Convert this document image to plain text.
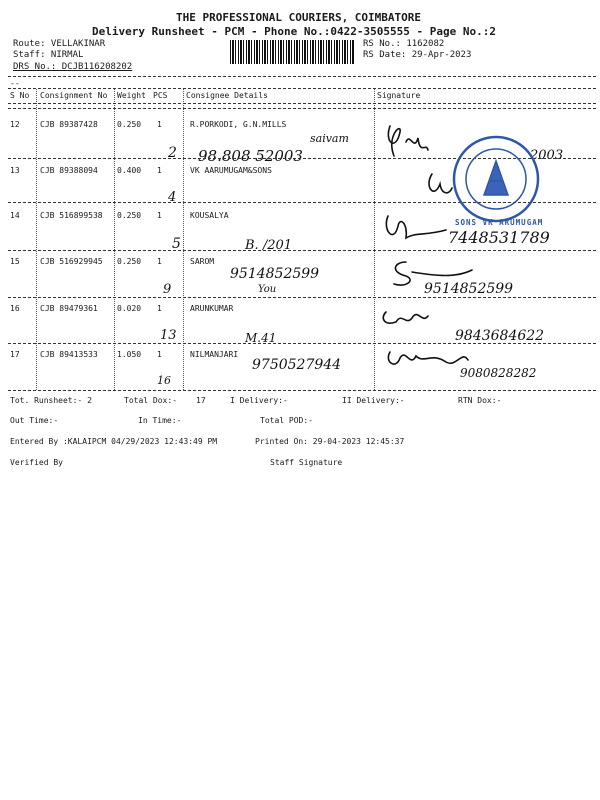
THE PROFESSIONAL COURIERS, COIMBATORE
Delivery Runsheet - PCM - Phone No.:0422-3505555 - Page No.:2
Route: VELLAKINAR
Staff: NIRMAL
DRS No.: DCJB116208202
RS No.: 1162082
RS Date: 29-Apr-2023
--
S No Consignment No Weight PCS Consignee Details	Signature
12	CJB 89387428 0.250 1	R.PORKODI, G.N.MILLS
saivam
2 98.808 52003	2003
13	CJB 89388094 0.400 1	VK AARUMUGAM&SONS
4
14	CJB 516899538 0.250 1	KOUSALYA
5	B. /201	7448531789
15	CJB 516929945 0.250 1	SAROM
9514852599
9	You	9514852599
16	CJB 89479361 0.020 1	ARUNKUMAR
13	M.41	9843684622
17	CJB 89413533 1.050 1	NILMANJARI
9750527944
16
9080828282
SONS VK ARUMUGAM
Tot. Runsheet:- 2	Total Dox:- 17	I Delivery:-	II Delivery:-	RTN Dox:-
Out Time:-	In Time:-	Total POD:-
Entered By :KALAIPCM 04/29/2023 12:43:49 PM	Printed On: 29-04-2023 12:45:37
Verified By	Staff Signature
